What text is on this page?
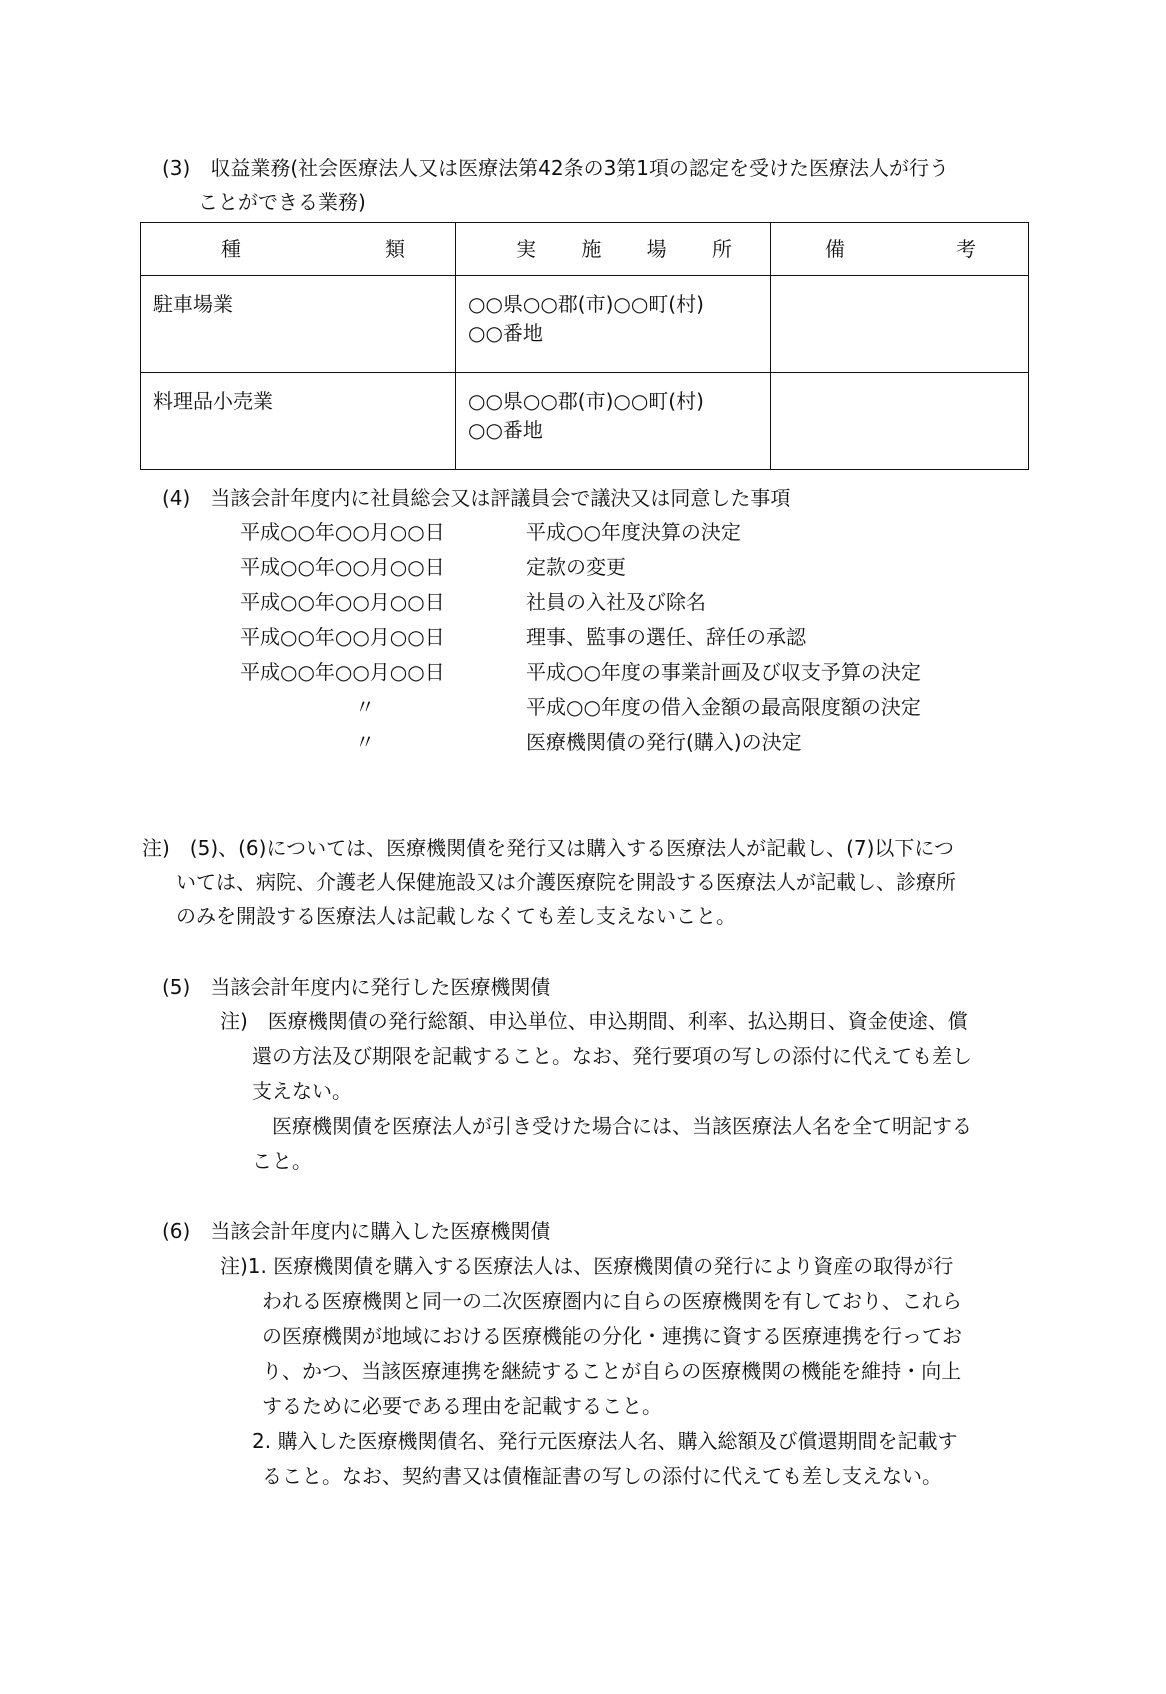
(3)　収益業務(社会医療法人又は医療法第42条の3第1項の認定を受けた医療法人が行う
ことができる業務)
種 類	実 施 場 所	備 考

駐車場業	○○県○○郡(市)○○町(村)
○○番地	

料理品小売業	○○県○○郡(市)○○町(村)
○○番地	

(4)　当該会計年度内に社員総会又は評議員会で議決又は同意した事項
平成○○年○○月○○日	平成○○年度決算の決定
平成○○年○○月○○日	定款の変更
平成○○年○○月○○日	社員の入社及び除名
平成○○年○○月○○日	理事、監事の選任、辞任の承認
平成○○年○○月○○日	平成○○年度の事業計画及び収支予算の決定
〃	平成○○年度の借入金額の最高限度額の決定
〃	医療機関債の発行(購入)の決定
注)　(5)、(6)については、医療機関債を発行又は購入する医療法人が記載し、(7)以下につ
いては、病院、介護老人保健施設又は介護医療院を開設する医療法人が記載し、診療所
のみを開設する医療法人は記載しなくても差し支えないこと。
(5)　当該会計年度内に発行した医療機関債
注)　医療機関債の発行総額、申込単位、申込期間、利率、払込期日、資金使途、償
還の方法及び期限を記載すること。なお、発行要項の写しの添付に代えても差し
支えない。
　医療機関債を医療法人が引き受けた場合には、当該医療法人名を全て明記する
こと。
(6)　当該会計年度内に購入した医療機関債
注)1. 医療機関債を購入する医療法人は、医療機関債の発行により資産の取得が行
われる医療機関と同一の二次医療圏内に自らの医療機関を有しており、これら
の医療機関が地域における医療機能の分化・連携に資する医療連携を行ってお
り、かつ、当該医療連携を継続することが自らの医療機関の機能を維持・向上
するために必要である理由を記載すること。
2. 購入した医療機関債名、発行元医療法人名、購入総額及び償還期間を記載す
ること。なお、契約書又は債権証書の写しの添付に代えても差し支えない。
